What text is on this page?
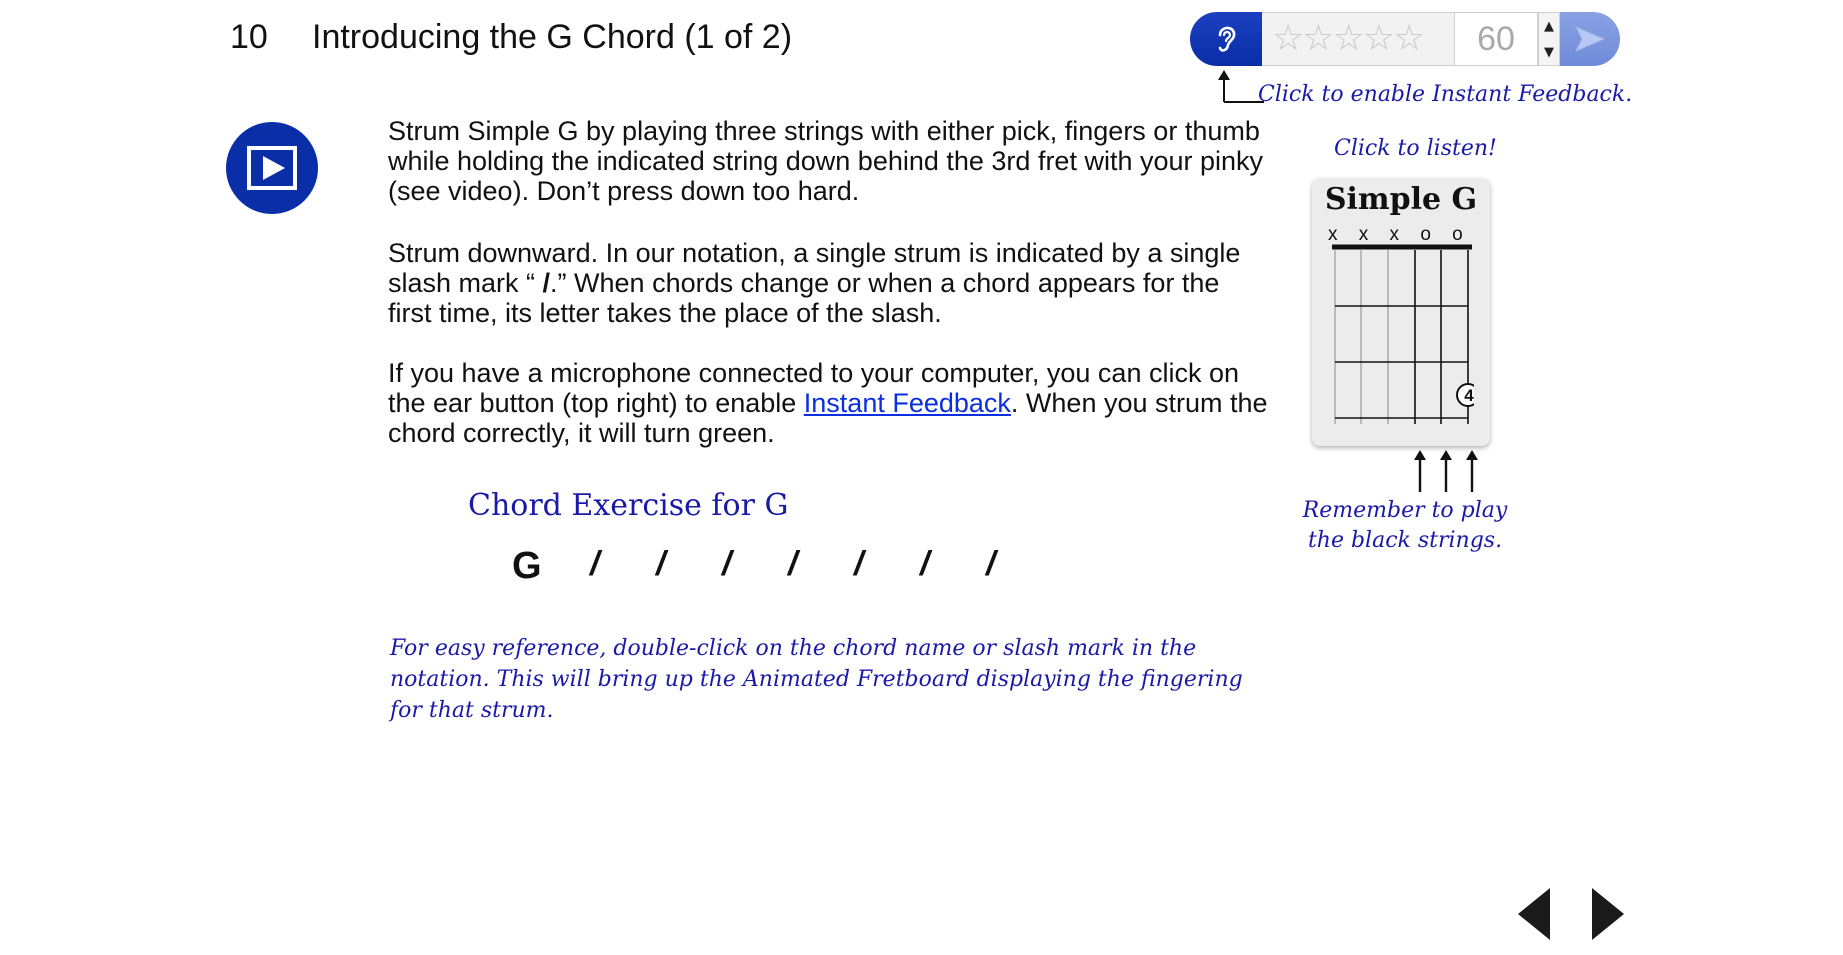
10 Introducing the G Chord (1 of 2)	☆ ☆ ☆ ☆ ☆	60	▲
▼
Click to enable Instant Feedback.
Strum Simple G by playing three strings with either pick, fingers or thumb while holding the indicated string down behind the 3rd fret with your pinky (see video). Don’t press down too hard.
Strum downward. In our notation, a single strum is indicated by a single slash mark “ /.” When chords change or when a chord appears for the first time, its letter takes the place of the slash.
If you have a microphone connected to your computer, you can click on the ear button (top right) to enable Instant Feedback. When you strum the chord correctly, it will turn green.
Chord Exercise for G
G / / / / / / /
For easy reference, double-click on the chord name or slash mark in the notation. This will bring up the Animated Fretboard displaying the fingering for that strum.
Click to listen!
Simple G
x x x o o
4
Remember to play the black strings.
